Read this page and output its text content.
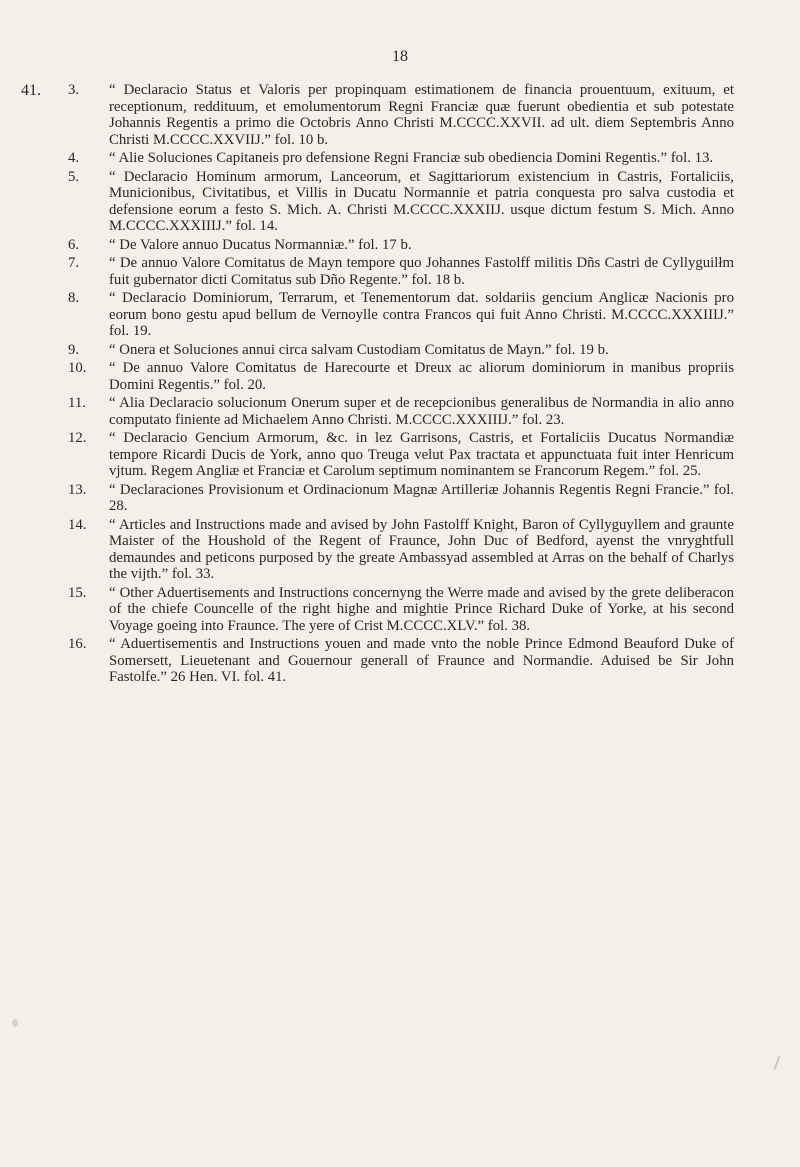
18
41. 3.	“ Declaracio Status et Valoris per propinquam estimationem de financia prouentuum, exituum, et receptionum, reddituum, et emolumentorum Regni Franciæ quæ fuerunt obedientia et sub potestate Johannis Regentis a primo die Octobris Anno Christi M.CCCC.XXVII. ad ult. diem Septembris Anno Christi M.CCCC.XXVIIJ.” fol. 10 b.
4.	“ Alie Soluciones Capitaneis pro defensione Regni Franciæ sub obediencia Domini Regentis.” fol. 13.
5.	“ Declaracio Hominum armorum, Lanceorum, et Sagittariorum existencium in Castris, Fortaliciis, Municionibus, Civitatibus, et Villis in Ducatu Normannie et patria conquesta pro salva custodia et defensione eorum a festo S. Mich. A. Christi M.CCCC.XXXIIJ. usque dictum festum S. Mich. Anno M.CCCC.XXXIIIJ.” fol. 14.
6.	“ De Valore annuo Ducatus Normanniæ.” fol. 17 b.
7.	“ De annuo Valore Comitatus de Mayn tempore quo Johannes Fastolff militis Dñs Castri de Cyllyguilłm fuit gubernator dicti Comitatus sub Dño Regente.” fol. 18 b.
8.	“ Declaracio Dominiorum, Terrarum, et Tenementorum dat. soldariis gencium Anglicæ Nacionis pro eorum bono gestu apud bellum de Vernoylle contra Francos qui fuit Anno Christi. M.CCCC.XXXIIIJ.” fol. 19.
9.	“ Onera et Soluciones annui circa salvam Custodiam Comitatus de Mayn.” fol. 19 b.
10.	“ De annuo Valore Comitatus de Harecourte et Dreux ac aliorum dominiorum in manibus propriis Domini Regentis.” fol. 20.
11.	“ Alia Declaracio solucionum Onerum super et de recepcionibus generalibus de Normandia in alio anno computato finiente ad Michaelem Anno Christi. M.CCCC.XXXIIIJ.” fol. 23.
12.	“ Declaracio Gencium Armorum, &c. in lez Garrisons, Castris, et Fortaliciis Ducatus Normandiæ tempore Ricardi Ducis de York, anno quo Treuga velut Pax tractata et appunctuata fuit inter Henricum vjtum. Regem Angliæ et Franciæ et Carolum septimum nominantem se Francorum Regem.” fol. 25.
13.	“ Declaraciones Provisionum et Ordinacionum Magnæ Artilleriæ Johannis Regentis Regni Francie.” fol. 28.
14.	“ Articles and Instructions made and avised by John Fastolff Knight, Baron of Cyllyguyllem and graunte Maister of the Houshold of the Regent of Fraunce, John Duc of Bedford, ayenst the vnryghtfull demaundes and peticons purposed by the greate Ambassyad assembled at Arras on the behalf of Charlys the vijth.” fol. 33.
15.	“ Other Aduertisements and Instructions concernyng the Werre made and avised by the grete deliberacon of the chiefe Councelle of the right highe and mightie Prince Richard Duke of Yorke, at his second Voyage goeing into Fraunce. The yere of Crist M.CCCC.XLV.” fol. 38.
16.	“ Aduertisementis and Instructions youen and made vnto the noble Prince Edmond Beauford Duke of Somersett, Lieuetenant and Gouernour generall of Fraunce and Normandie. Aduised be Sir John Fastolfe.” 26 Hen. VI. fol. 41.
